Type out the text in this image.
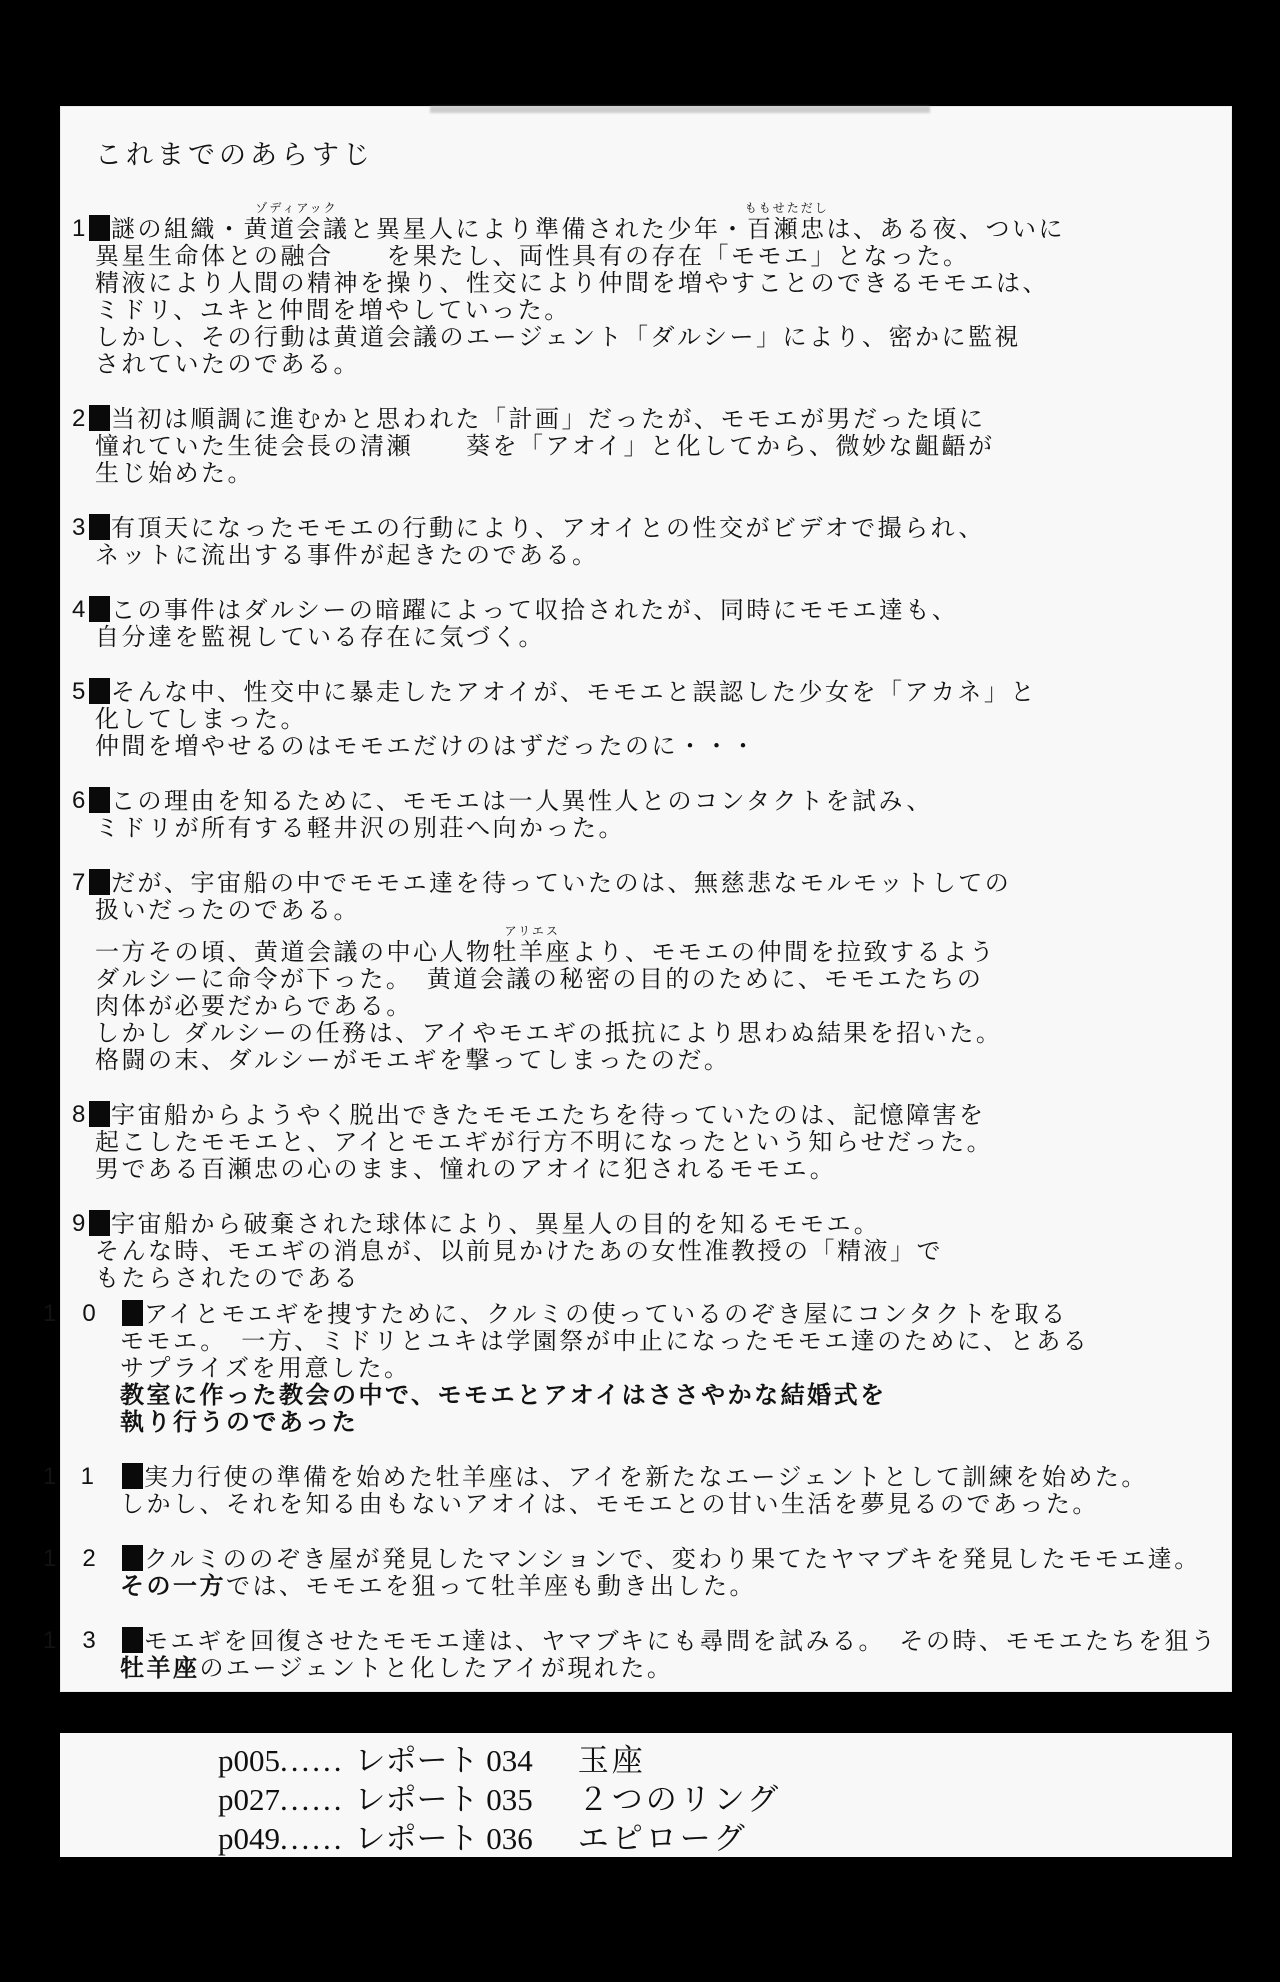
これまでのあらすじ
1 謎の組織・黄道会議
ゾディアック
と異星人により準備された少年・百瀬忠
ももせただし
は、ある夜、ついに
異星生命体との融合　　を果たし、両性具有の存在「モモエ」となった。
精液により人間の精神を操り、性交により仲間を増やすことのできるモモエは、
ミドリ、ユキと仲間を増やしていった。
しかし、その行動は黄道会議のエージェント「ダルシー」により、密かに監視
されていたのである。
2 当初は順調に進むかと思われた「計画」だったが、モモエが男だった頃に
憧れていた生徒会長の清瀬　　葵を「アオイ」と化してから、微妙な齟齬が
生じ始めた。
3 有頂天になったモモエの行動により、アオイとの性交がビデオで撮られ、
ネットに流出する事件が起きたのである。
4 この事件はダルシーの暗躍によって収拾されたが、同時にモモエ達も、
自分達を監視している存在に気づく。
5 そんな中、性交中に暴走したアオイが、モモエと誤認した少女を「アカネ」と
化してしまった。
仲間を増やせるのはモモエだけのはずだったのに・・・
6 この理由を知るために、モモエは一人異性人とのコンタクトを試み、
ミドリが所有する軽井沢の別荘へ向かった。
7 だが、宇宙船の中でモモエ達を待っていたのは、無慈悲なモルモットしての
扱いだったのである。
一方その頃、黄道会議の中心人物牡羊座
アリエス
より、モモエの仲間を拉致するよう
ダルシーに命令が下った。　黄道会議の秘密の目的のために、モモエたちの
肉体が必要だからである。
しかし ダルシーの任務は、アイやモエギの抵抗により思わぬ結果を招いた。
格闘の末、ダルシーがモエギを撃ってしまったのだ。
8 宇宙船からようやく脱出できたモモエたちを待っていたのは、記憶障害を
起こしたモモエと、アイとモエギが行方不明になったという知らせだった。
男である百瀬忠の心のまま、憧れのアオイに犯されるモモエ。
9 宇宙船から破棄された球体により、異星人の目的を知るモモエ。
そんな時、モエギの消息が、以前見かけたあの女性准教授の「精液」で
もたらされたのである
10 アイとモエギを捜すために、クルミの使っているのぞき屋にコンタクトを取る
モモエ。　一方、ミドリとユキは学園祭が中止になったモモエ達のために、とある
サプライズを用意した。
教室に作った教会の中で、モモエとアオイはささやかな結婚式を
執り行うのであった
11 実力行使の準備を始めた牡羊座は、アイを新たなエージェントとして訓練を始めた。
しかし、それを知る由もないアオイは、モモエとの甘い生活を夢見るのであった。
12 クルミののぞき屋が発見したマンションで、変わり果てたヤマブキを発見したモモエ達。
その一方では、モモエを狙って牡羊座も動き出した。
13 モエギを回復させたモモエ達は、ヤマブキにも尋問を試みる。　その時、モモエたちを狙う
牡羊座のエージェントと化したアイが現れた。
p005...... レポート 034 玉座
p027...... レポート 035 ２つのリング
p049...... レポート 036 エピローグ
